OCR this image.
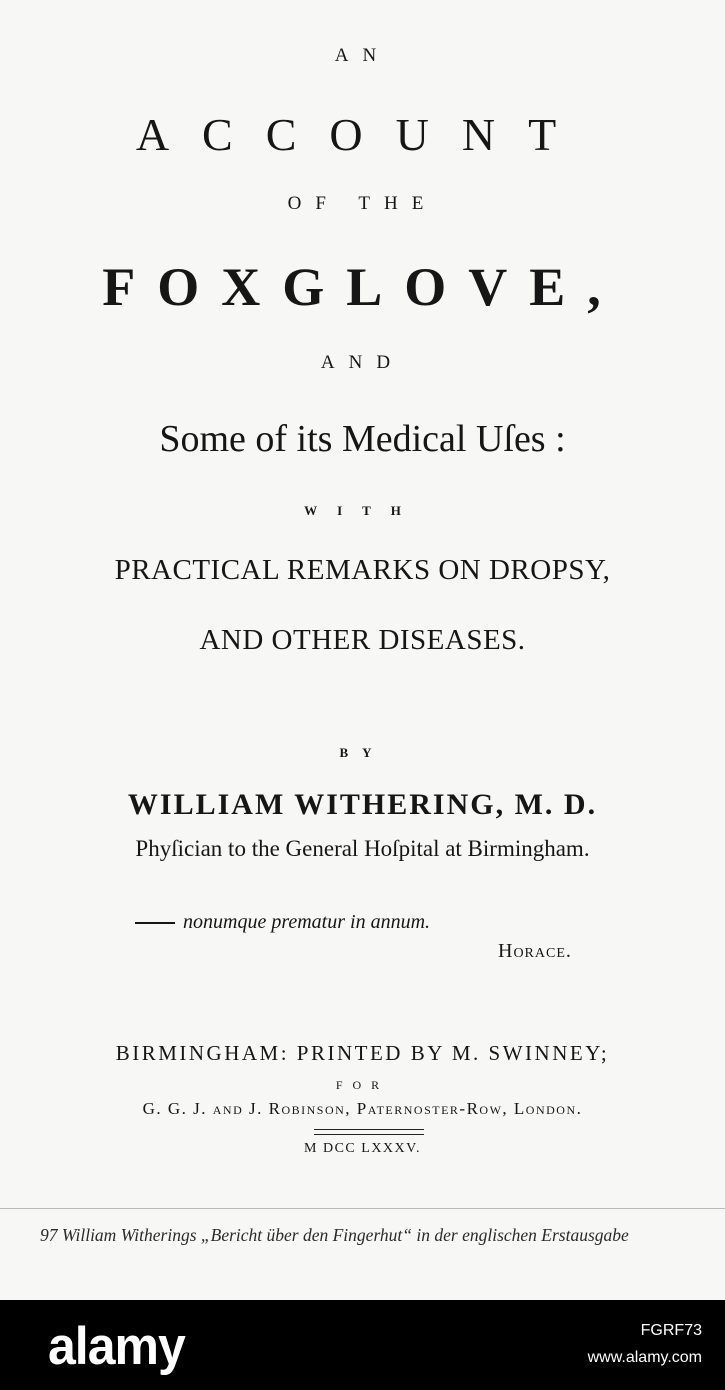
AN
ACCOUNT
OF THE
FOXGLOVE,
AND
Some of its Medical Uſes :
WITH
PRACTICAL REMARKS ON DROPSY,
AND OTHER DISEASES.
BY
WILLIAM WITHERING, M. D.
Phyſician to the General Hoſpital at Birmingham.
nonumque prematur in annum.
Horace.
BIRMINGHAM: PRINTED BY M. SWINNEY;
FOR
G. G. J. and J. Robinson, Paternoster-Row, London.
M DCC LXXXV.
97 William Witherings „Bericht über den Fingerhut“ in der englischen Erstausgabe
alamy	FGRF73
www.alamy.com
